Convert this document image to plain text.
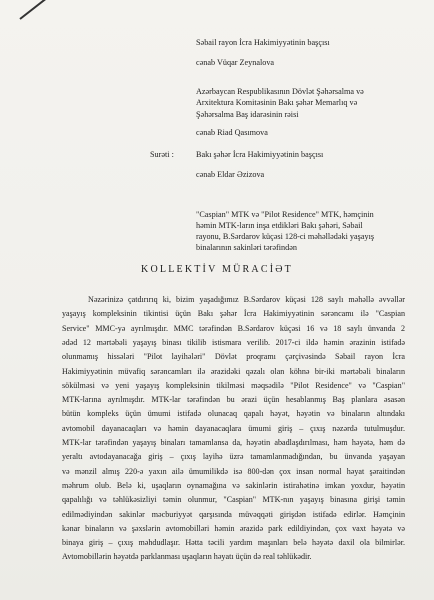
Səbail rayon İcra Hakimiyyətinin başçısı
cənab Vüqar Zeynalova
Azərbaycan Respublikasının Dövlət Şəhərsalma və
Arxitektura Komitəsinin Bakı şəhər Memarlıq və
Şəhərsalma Baş idarəsinin rəisi
cənab Riad Qasımova
Surəti :	Bakı şəhər İcra Hakimiyyətinin başçısı
cənab Eldar Əzizova
"Caspian" MTK və "Pilot Residence" MTK, həmçinin
həmin MTK-ların inşa etdikləri Bakı şəhəri, Səbail
rayonu, B.Sərdarov küçəsi 128-ci məhəllədəki yaşayış
binalarının sakinləri tərəfindən
KOLLEKTİV MÜRACİƏT
Nəzərinizə çatdırırıq ki, bizim yaşadığımız B.Sərdarov küçəsi 128 saylı məhəllə əvvəllər
yaşayış kompleksinin tikintisi üçün Bakı şəhər İcra Hakimiyyətinin sərəncamı ilə "Caspian
Service" MMC-yə ayrılmışdır. MMC tərəfindən B.Sərdarov küçəsi 16 və 18 saylı ünvanda 2
ədəd 12 mərtəbəli yaşayış binası tikilib istismara verilib. 2017-ci ildə həmin ərazinin istifadə
olunmamış hissələri "Pilot layihələri" Dövlət proqramı çərçivəsində Səbail rayon İcra
Hakimiyyətinin müvafiq sərəncamları ilə ərazidəki qəzalı olan köhnə bir-iki mərtəbəli binaların
sökülməsi və yeni yaşayış kompleksinin tikilməsi məqsədilə "Pilot Residence" və "Caspian"
MTK-larına ayrılmışdır. MTK-lar tərəfindən bu ərazi üçün hesablanmış Baş planlara əsasən
bütün kompleks üçün ümumi istifadə olunacaq qapalı həyət, həyətin və binaların altındakı
avtomobil dayanacaqları və həmin dayanacaqlara ümumi giriş – çıxış nəzərdə tutulmuşdur.
MTK-lar tərəfindən yaşayış binaları tamamlansa da, həyətin abadlaşdırılması, həm həyətə, həm də
yeraltı avtodayanacağa giriş – çıxış layihə üzrə tamamlanmadığından, bu ünvanda yaşayan
və mənzil almış 220-ə yaxın ailə ümumilikdə isə 800-dən çox insan normal həyat şəraitindən
məhrum olub. Belə ki, uşaqların oynamağına və sakinlərin istirahətinə imkan yoxdur, həyətin
qapalılığı və təhlükəsizliyi təmin olunmur, "Caspian" MTK-nın yaşayış binasına girişi təmin
edilmədiyindən sakinlər məcburiyyət qarşısında müvəqqəti girişdən istifadə edirlər. Həmçinin
kənar binaların və şəxslərin avtomobilləri həmin ərazidə park edildiyindən, çox vaxt həyətə və
binaya giriş – çıxış məhdudlaşır. Hətta təcili yardım maşınları belə həyətə daxil ola bilmirlər.
Avtomobillərin həyətdə parklanması uşaqların həyatı üçün də real təhlükədir.
